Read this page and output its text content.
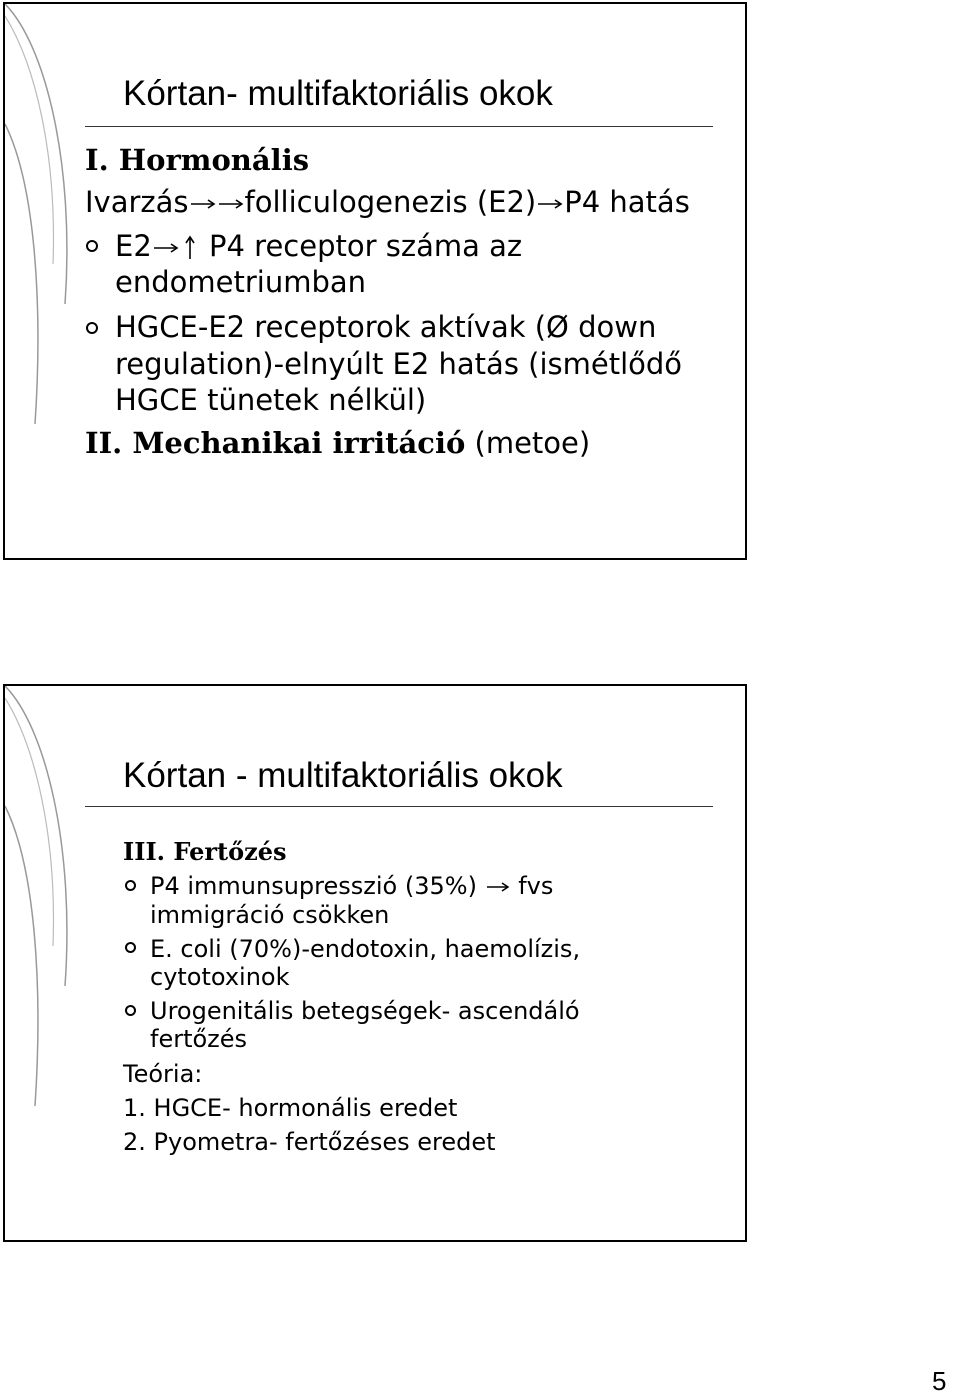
Kórtan- multifaktoriális okok
I. Hormonális
Ivarzás folliculogenezis (E2) P4 hatás
E2 P4 receptor száma az
endometriumban
HGCE-E2 receptorok aktívak (Ø down
regulation)-elnyúlt E2 hatás (ismétlődő
HGCE tünetek nélkül)
II. Mechanikai irritáció (metoe)
Kórtan - multifaktoriális okok
III. Fertőzés
P4 immunsupresszió (35%) fvs
immigráció csökken
E. coli (70%)-endotoxin, haemolízis,
cytotoxinok
Urogenitális betegségek- ascendáló
fertőzés
Teória:
1. HGCE- hormonális eredet
2. Pyometra- fertőzéses eredet
5
